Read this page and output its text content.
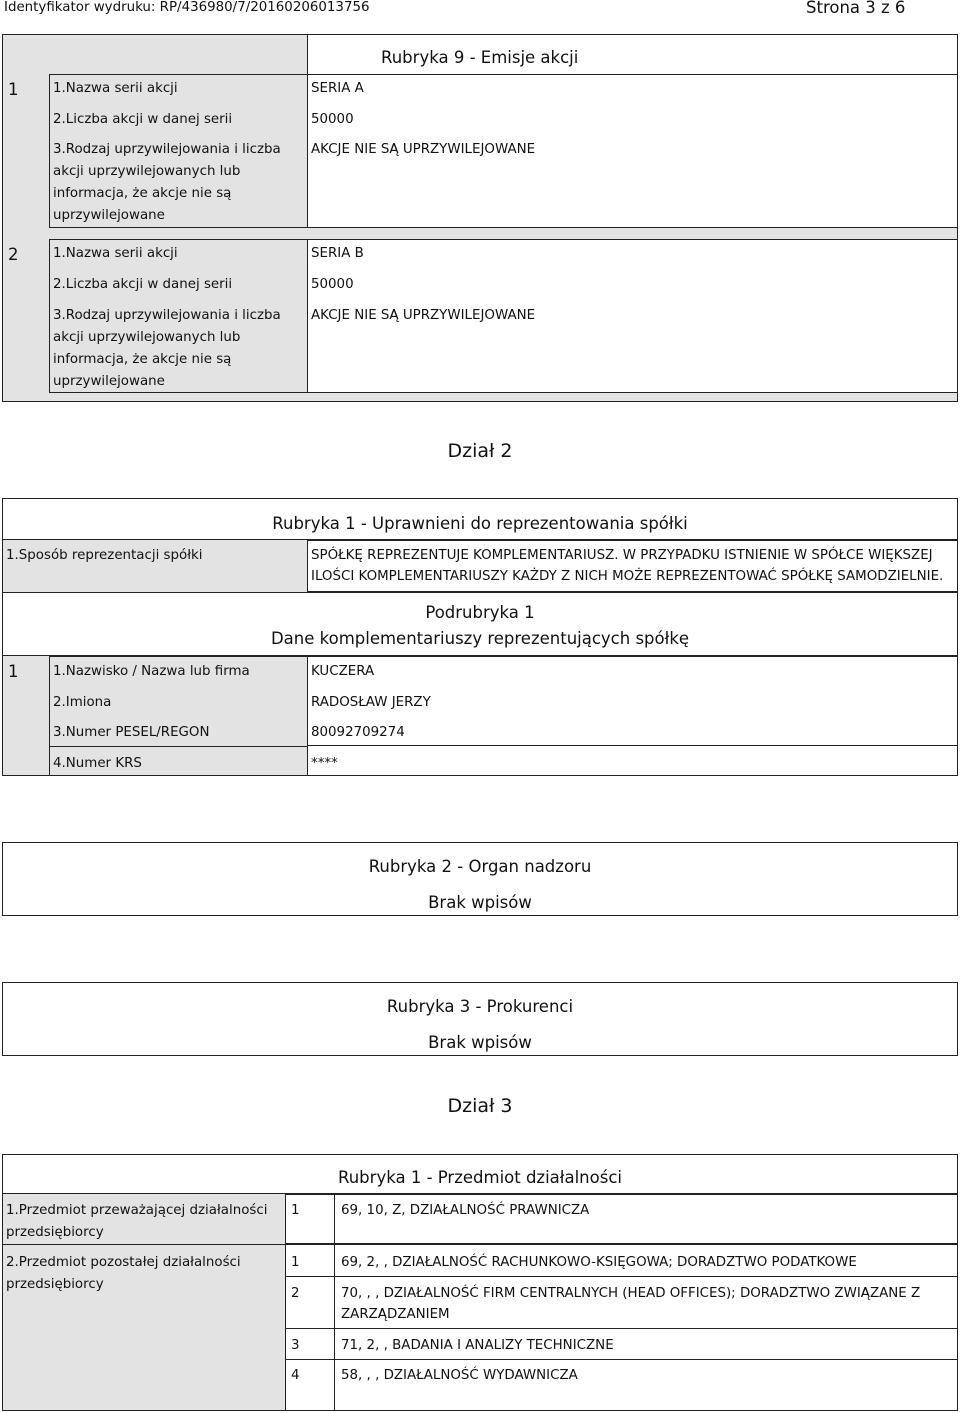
Identyfikator wydruku: RP/436980/7/20160206013756	Strona 3 z 6
Rubryka 9 - Emisje akcji
1	1.Nazwa serii akcji	SERIA A
2.Liczba akcji w danej serii	50000
3.Rodzaj uprzywilejowania i liczba
akcji uprzywilejowanych lub
informacja, że akcje nie są
uprzywilejowane
AKCJE NIE SĄ UPRZYWILEJOWANE
2	1.Nazwa serii akcji	SERIA B
2.Liczba akcji w danej serii	50000
3.Rodzaj uprzywilejowania i liczba
akcji uprzywilejowanych lub
informacja, że akcje nie są
uprzywilejowane
AKCJE NIE SĄ UPRZYWILEJOWANE
Dział 2
Rubryka 1 - Uprawnieni do reprezentowania spółki
1.Sposób reprezentacji spółki	SPÓŁKĘ REPREZENTUJE KOMPLEMENTARIUSZ. W PRZYPADKU ISTNIENIE W SPÓŁCE WIĘKSZEJ
ILOŚCI KOMPLEMENTARIUSZY KAŻDY Z NICH MOŻE REPREZENTOWAĆ SPÓŁKĘ SAMODZIELNIE.
Podrubryka 1
Dane komplementariuszy reprezentujących spółkę
1	1.Nazwisko / Nazwa lub firma	KUCZERA
2.Imiona	RADOSŁAW JERZY
3.Numer PESEL/REGON	80092709274
4.Numer KRS	****
Rubryka 2 - Organ nadzoru
Brak wpisów
Rubryka 3 - Prokurenci
Brak wpisów
Dział 3
Rubryka 1 - Przedmiot działalności
1.Przedmiot przeważającej działalności
przedsiębiorcy
1	69, 10, Z, DZIAŁALNOŚĆ PRAWNICZA
2.Przedmiot pozostałej działalności
przedsiębiorcy
1	69, 2, , DZIAŁALNOŚĆ RACHUNKOWO-KSIĘGOWA; DORADZTWO PODATKOWE
2	70, , , DZIAŁALNOŚĆ FIRM CENTRALNYCH (HEAD OFFICES); DORADZTWO ZWIĄZANE Z
ZARZĄDZANIEM
3	71, 2, , BADANIA I ANALIZY TECHNICZNE
4	58, , , DZIAŁALNOŚĆ WYDAWNICZA
